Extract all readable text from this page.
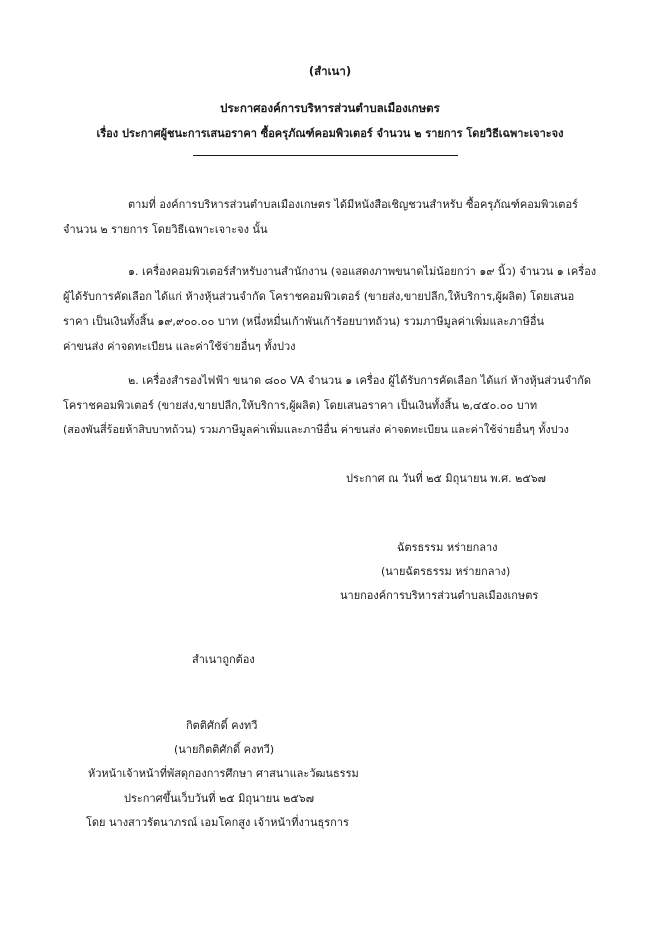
(สำเนา)
ประกาศองค์การบริหารส่วนตำบลเมืองเกษตร
เรื่อง ประกาศผู้ชนะการเสนอราคา ซื้อครุภัณฑ์คอมพิวเตอร์ จำนวน ๒ รายการ โดยวิธีเฉพาะเจาะจง
ตามที่ องค์การบริหารส่วนตำบลเมืองเกษตร ได้มีหนังสือเชิญชวนสำหรับ ซื้อครุภัณฑ์คอมพิวเตอร์
จำนวน ๒ รายการ โดยวิธีเฉพาะเจาะจง นั้น
๑. เครื่องคอมพิวเตอร์สำหรับงานสำนักงาน (จอแสดงภาพขนาดไม่น้อยกว่า ๑๙ นิ้ว) จำนวน ๑ เครื่อง
ผู้ได้รับการคัดเลือก ได้แก่ ห้างหุ้นส่วนจำกัด โคราชคอมพิวเตอร์ (ขายส่ง,ขายปลีก,ให้บริการ,ผู้ผลิต) โดยเสนอ
ราคา เป็นเงินทั้งสิ้น ๑๙,๙๐๐.๐๐ บาท (หนึ่งหมื่นเก้าพันเก้าร้อยบาทถ้วน) รวมภาษีมูลค่าเพิ่มและภาษีอื่น
ค่าขนส่ง ค่าจดทะเบียน และค่าใช้จ่ายอื่นๆ ทั้งปวง
๒. เครื่องสำรองไฟฟ้า ขนาด ๘๐๐ VA จำนวน ๑ เครื่อง ผู้ได้รับการคัดเลือก ได้แก่ ห้างหุ้นส่วนจำกัด
โคราชคอมพิวเตอร์ (ขายส่ง,ขายปลีก,ให้บริการ,ผู้ผลิต) โดยเสนอราคา เป็นเงินทั้งสิ้น ๒,๔๕๐.๐๐ บาท
(สองพันสี่ร้อยห้าสิบบาทถ้วน) รวมภาษีมูลค่าเพิ่มและภาษีอื่น ค่าขนส่ง ค่าจดทะเบียน และค่าใช้จ่ายอื่นๆ ทั้งปวง
ประกาศ ณ วันที่ ๒๕ มิถุนายน พ.ศ. ๒๕๖๗
ฉัตรธรรม หร่ายกลาง
(นายฉัตรธรรม หร่ายกลาง)
นายกองค์การบริหารส่วนตำบลเมืองเกษตร
สำเนาถูกต้อง
กิตติศักดิ์ คงทวี
(นายกิตติศักดิ์ คงทวี)
หัวหน้าเจ้าหน้าที่พัสดุกองการศึกษา ศาสนาและวัฒนธรรม
ประกาศขึ้นเว็บวันที่ ๒๕ มิถุนายน ๒๕๖๗
โดย นางสาวรัตนาภรณ์ เอมโคกสูง เจ้าหน้าที่งานธุรการ
